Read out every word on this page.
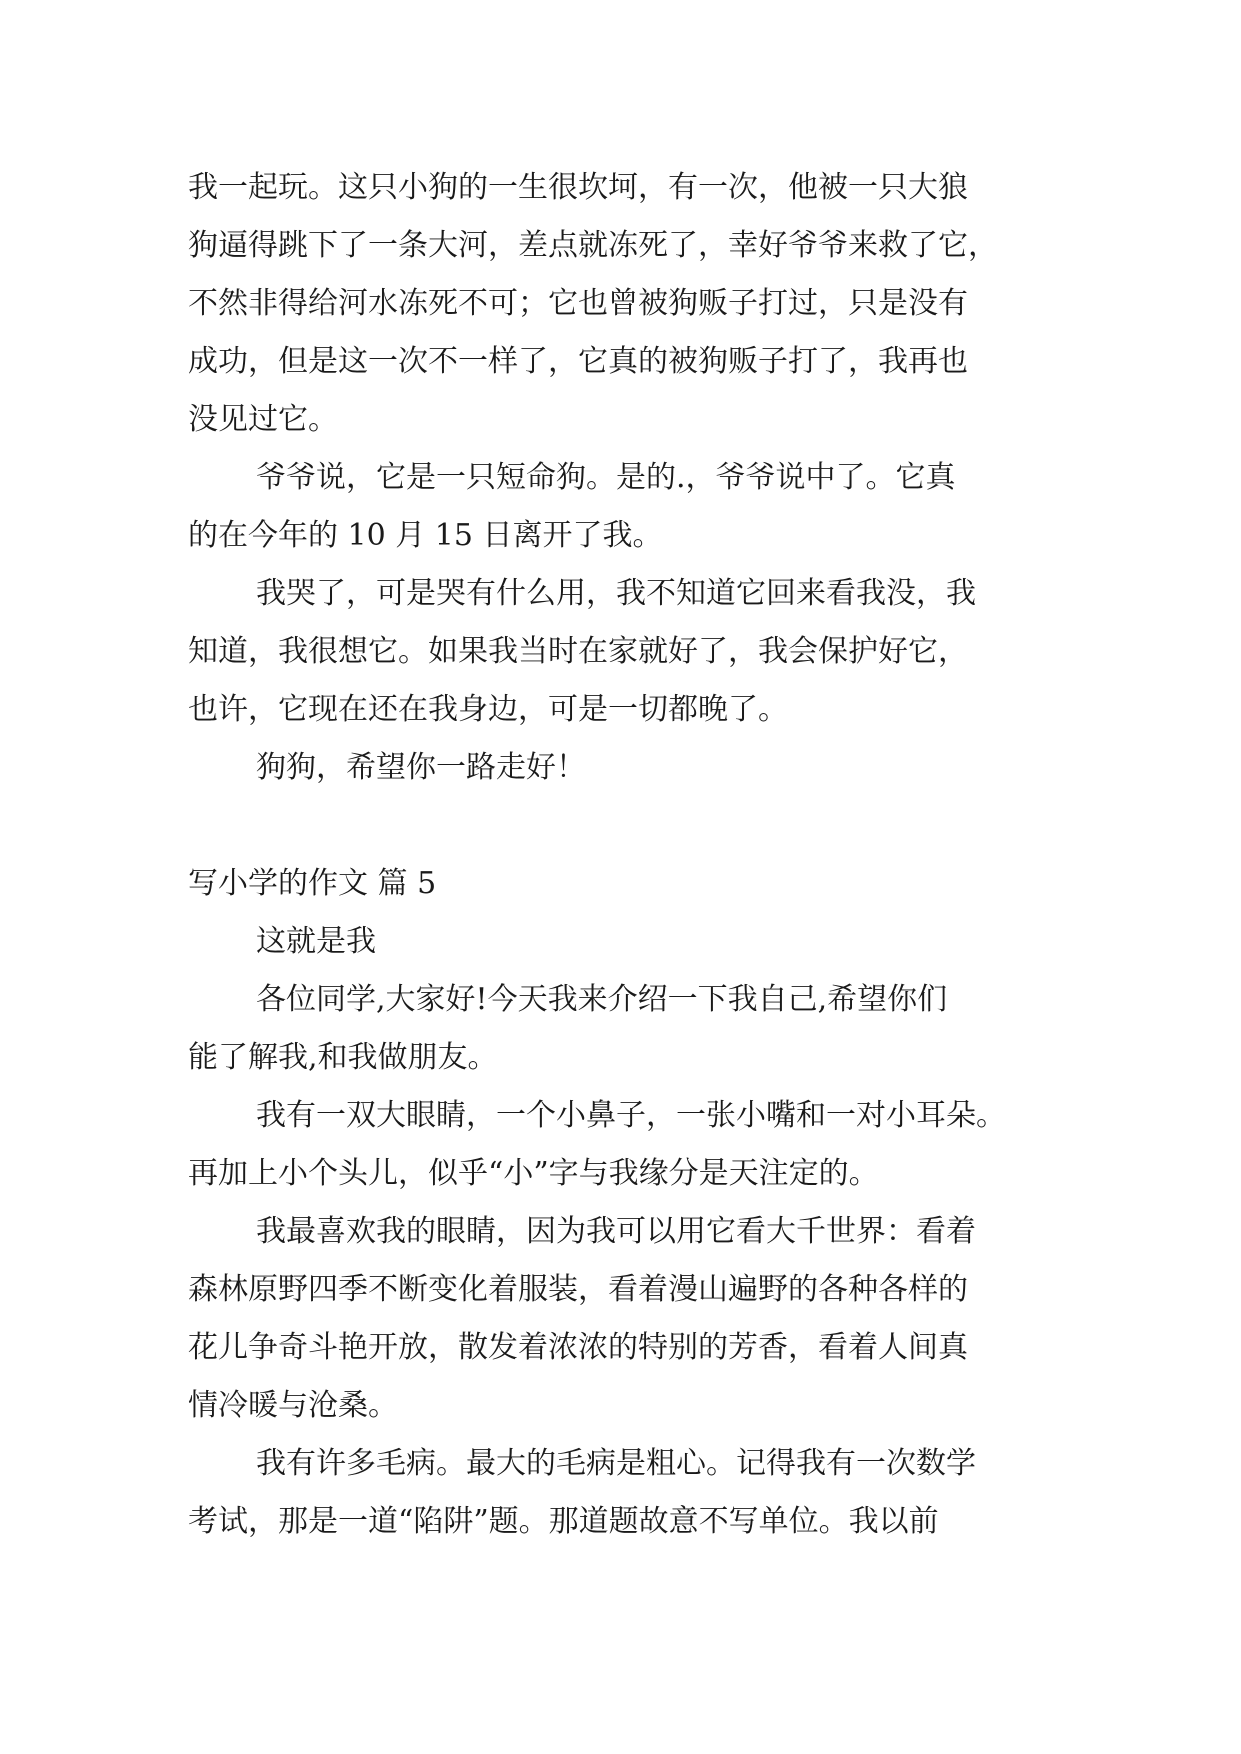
我一起玩。这只小狗的一生很坎坷，有一次，他被一只大狼
狗逼得跳下了一条大河，差点就冻死了，幸好爷爷来救了它，
不然非得给河水冻死不可；它也曾被狗贩子打过，只是没有
成功，但是这一次不一样了，它真的被狗贩子打了，我再也
没见过它。
爷爷说，它是一只短命狗。是的.，爷爷说中了。它真
的在今年的 10 月 15 日离开了我。
我哭了，可是哭有什么用，我不知道它回来看我没，我
知道，我很想它。如果我当时在家就好了，我会保护好它，
也许，它现在还在我身边，可是一切都晚了。
狗狗，希望你一路走好！
写小学的作文 篇 5
这就是我
各位同学,大家好!今天我来介绍一下我自己,希望你们
能了解我,和我做朋友。
我有一双大眼睛，一个小鼻子，一张小嘴和一对小耳朵。
再加上小个头儿，似乎“小”字与我缘分是天注定的。
我最喜欢我的眼睛，因为我可以用它看大千世界：看着
森林原野四季不断变化着服装，看着漫山遍野的各种各样的
花儿争奇斗艳开放，散发着浓浓的特别的芳香，看着人间真
情冷暖与沧桑。
我有许多毛病。最大的毛病是粗心。记得我有一次数学
考试，那是一道“陷阱”题。那道题故意不写单位。我以前
